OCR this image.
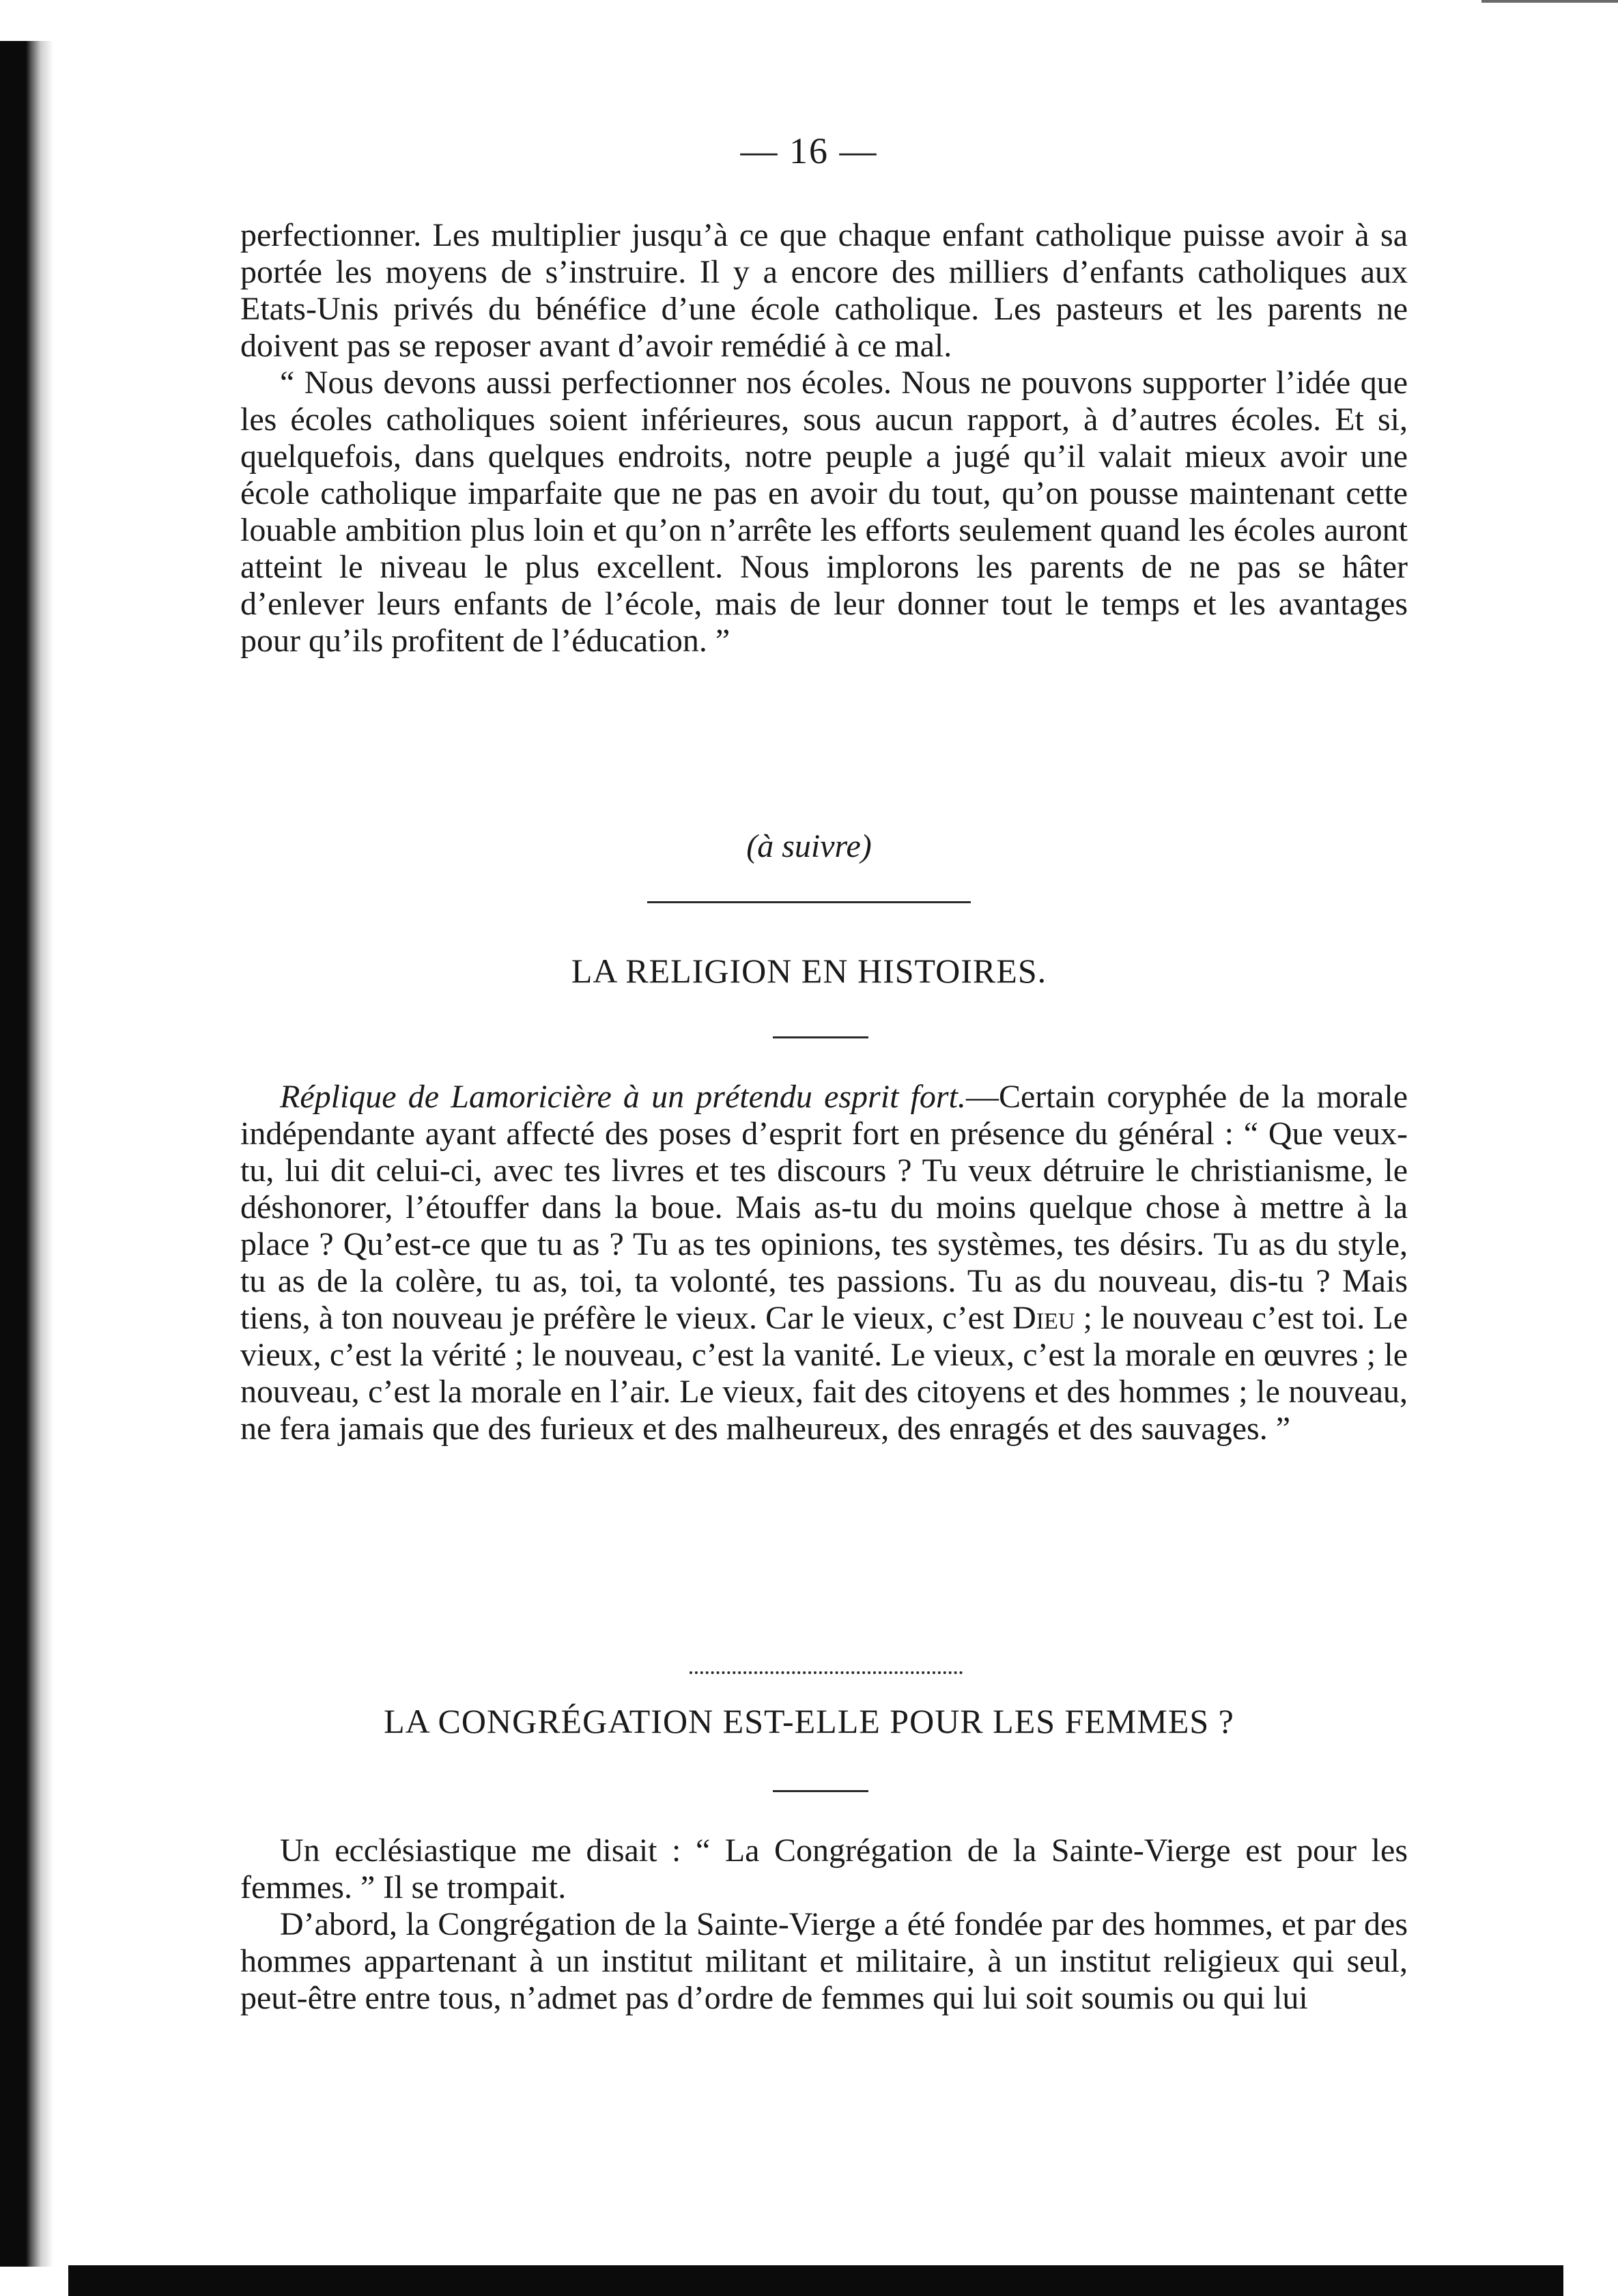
— 16 —

perfectionner. Les multiplier jusqu’à ce que chaque enfant catholique puisse avoir à sa portée les moyens de s’instruire. Il y a encore des milliers d’enfants catholiques aux Etats-Unis privés du bénéfice d’une école catholique. Les pasteurs et les parents ne doivent pas se reposer avant d’avoir remédié à ce mal.

“ Nous devons aussi perfectionner nos écoles. Nous ne pouvons supporter l’idée que les écoles catholiques soient inférieures, sous aucun rapport, à d’autres écoles. Et si, quelquefois, dans quelques endroits, notre peuple a jugé qu’il valait mieux avoir une école catholique imparfaite que ne pas en avoir du tout, qu’on pousse maintenant cette louable ambition plus loin et qu’on n’arrête les efforts seulement quand les écoles auront atteint le niveau le plus excellent. Nous implorons les parents de ne pas se hâter d’enlever leurs enfants de l’école, mais de leur donner tout le temps et les avantages pour qu’ils profitent de l’éducation. ”

(à suivre)
LA RELIGION EN HISTOIRES.

Réplique de Lamoricière à un prétendu esprit fort.—Certain coryphée de la morale indépendante ayant affecté des poses d’esprit fort en présence du général : “ Que veux-tu, lui dit celui-ci, avec tes livres et tes discours ? Tu veux détruire le christianisme, le déshonorer, l’étouffer dans la boue. Mais as-tu du moins quelque chose à mettre à la place ? Qu’est-ce que tu as ? Tu as tes opinions, tes systèmes, tes désirs. Tu as du style, tu as de la colère, tu as, toi, ta volonté, tes passions. Tu as du nouveau, dis-tu ? Mais tiens, à ton nouveau je préfère le vieux. Car le vieux, c’est Dieu ; le nouveau c’est toi. Le vieux, c’est la vérité ; le nouveau, c’est la vanité. Le vieux, c’est la morale en œuvres ; le nouveau, c’est la morale en l’air. Le vieux, fait des citoyens et des hommes ; le nouveau, ne fera jamais que des furieux et des malheureux, des enragés et des sauvages. ”

LA CONGRÉGATION EST-ELLE POUR LES FEMMES ?

Un ecclésiastique me disait : “ La Congrégation de la Sainte-Vierge est pour les femmes. ” Il se trompait.

D’abord, la Congrégation de la Sainte-Vierge a été fondée par des hommes, et par des hommes appartenant à un institut militant et militaire, à un institut religieux qui seul, peut-être entre tous, n’admet pas d’ordre de femmes qui lui soit soumis ou qui lui
